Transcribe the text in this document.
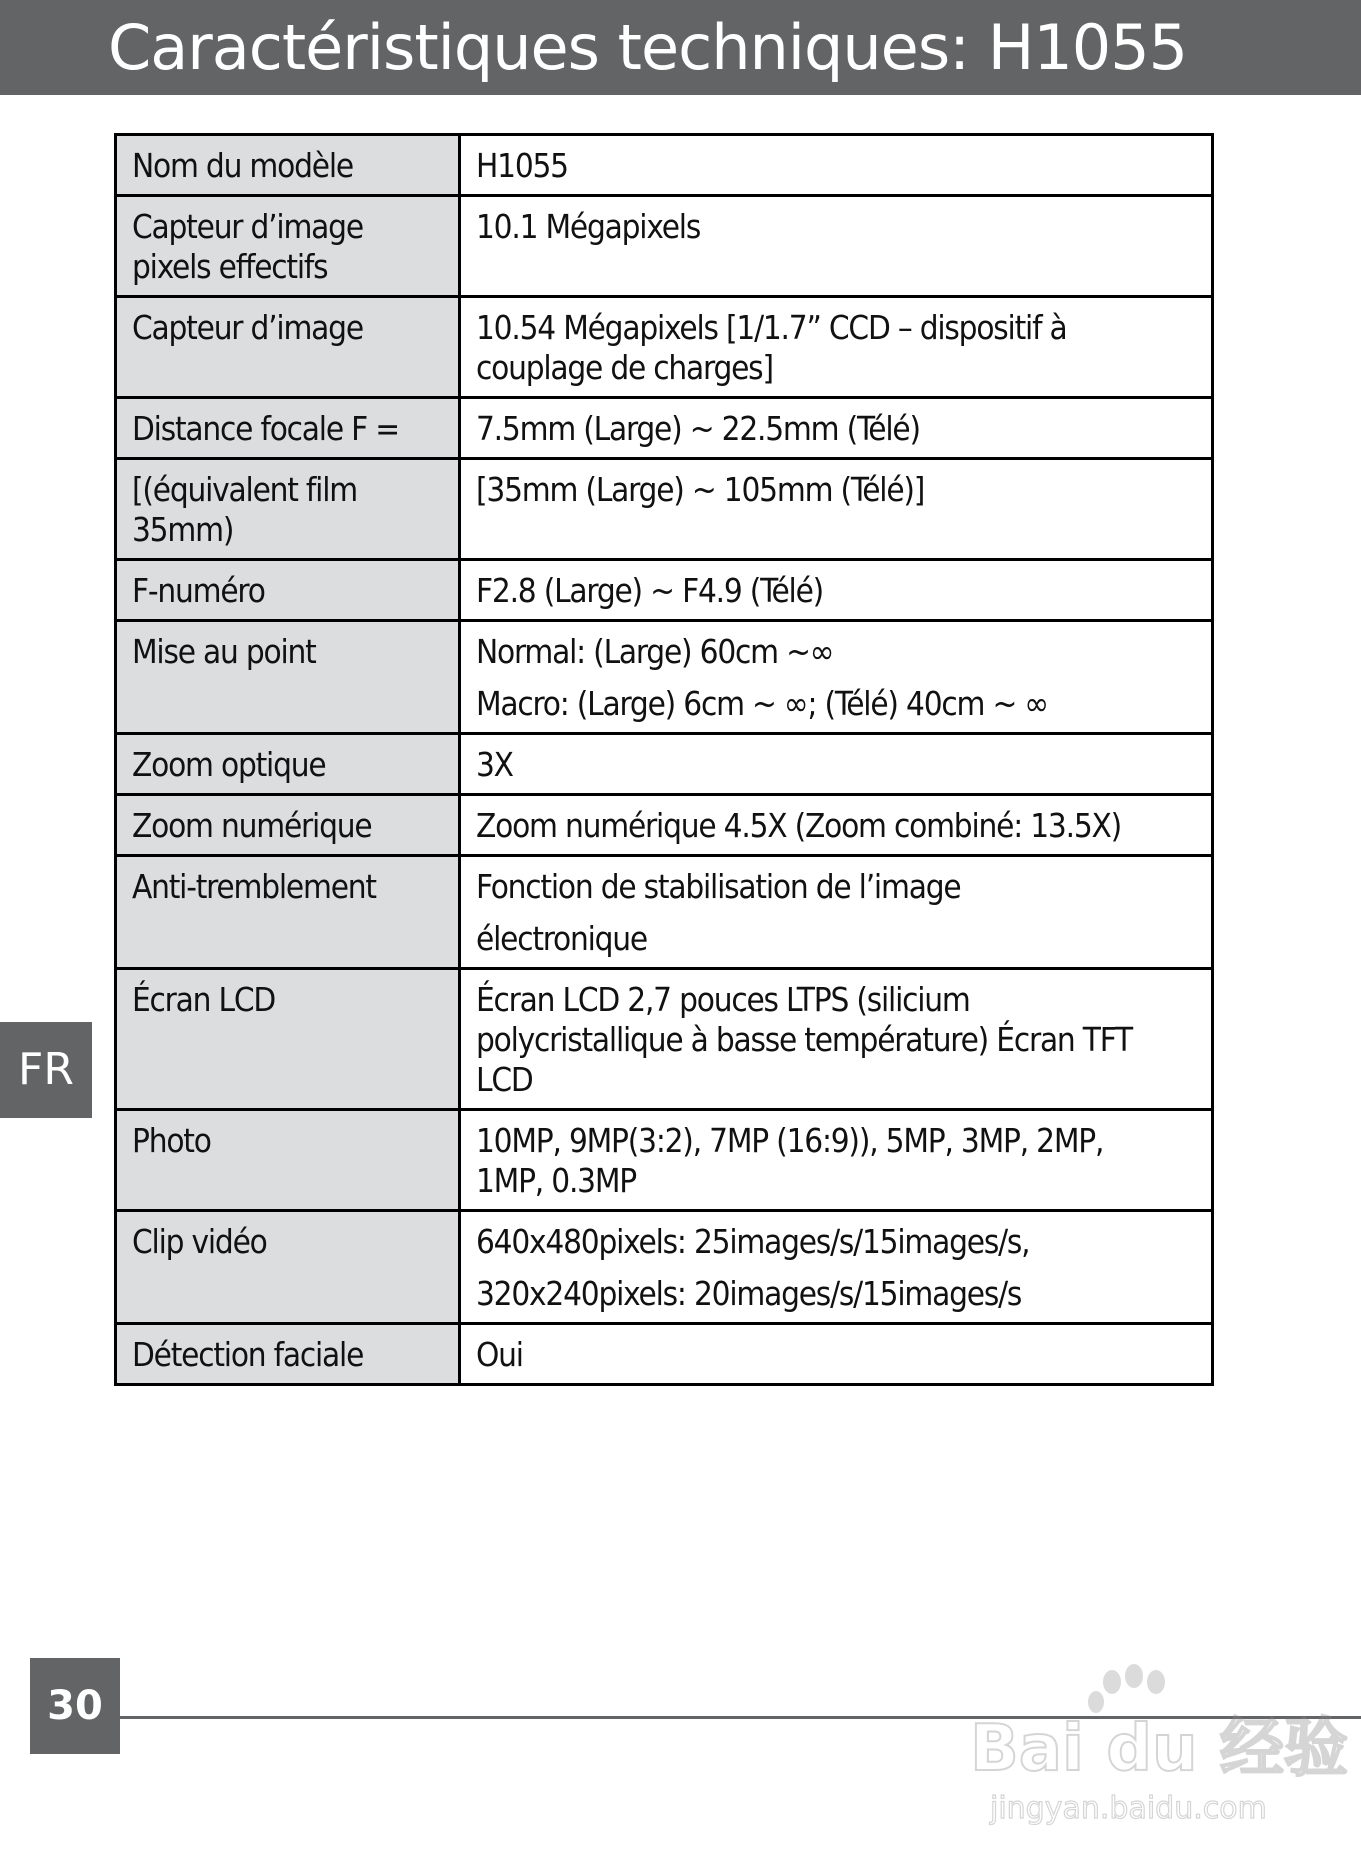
Caractéristiques techniques: H1055
Nom du modèle	H1055

Capteur d’image
pixels effectifs	10.1 Mégapixels

Capteur d’image	10.54 Mégapixels [1/1.7” CCD – dispositif à
couplage de charges]

Distance focale F =	7.5mm (Large) ~ 22.5mm (Télé)

[(équivalent film
35mm)	[35mm (Large) ~ 105mm (Télé)]

F-numéro	F2.8 (Large) ~ F4.9 (Télé)

Mise au point	Normal: (Large) 60cm ~∞
Macro: (Large) 6cm ~ ∞; (Télé) 40cm ~ ∞

Zoom optique	3X

Zoom numérique	Zoom numérique 4.5X (Zoom combiné: 13.5X)

Anti-tremblement	Fonction de stabilisation de l’image
électronique

Écran LCD	Écran LCD 2,7 pouces LTPS (silicium
polycristallique à basse température) Écran TFT
LCD

Photo	10MP, 9MP(3:2), 7MP (16:9)), 5MP, 3MP, 2MP,
1MP, 0.3MP

Clip vidéo	640x480pixels: 25images/s/15images/s,
320x240pixels: 20images/s/15images/s

Détection faciale	Oui
FR
30
Bai du 经验
jingyan.baidu.com
